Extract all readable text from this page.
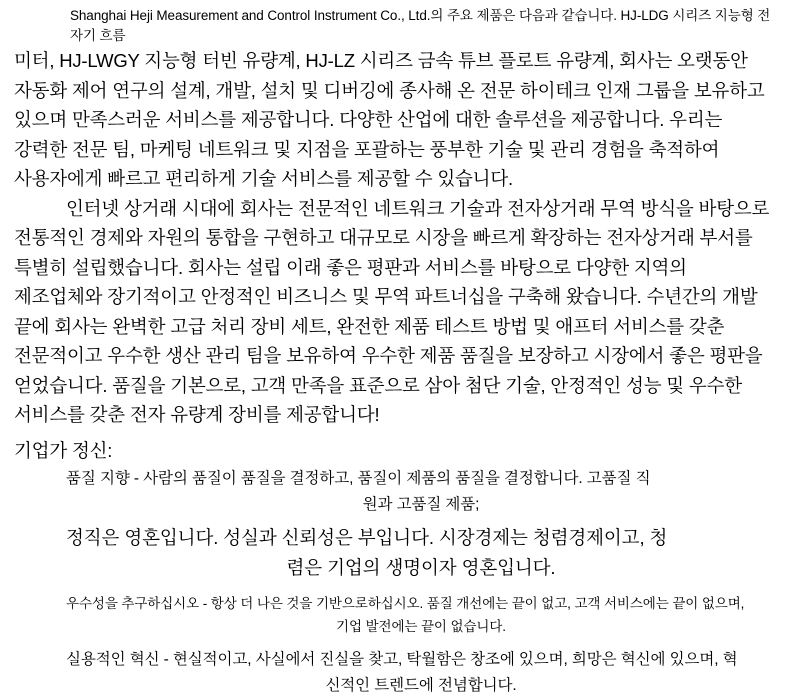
Shanghai Heji Measurement and Control Instrument Co., Ltd.의 주요 제품은 다음과 같습니다. HJ-LDG 시리즈 지능형 전자기 흐름

미터, HJ-LWGY 지능형 터빈 유량계, HJ-LZ 시리즈 금속 튜브 플로트 유량계, 회사는 오랫동안 자동화 제어 연구의 설계, 개발, 설치 및 디버깅에 종사해 온 전문 하이테크 인재 그룹을 보유하고 있으며 만족스러운 서비스를 제공합니다. 다양한 산업에 대한 솔루션을 제공합니다. 우리는 강력한 전문 팀, 마케팅 네트워크 및 지점을 포괄하는 풍부한 기술 및 관리 경험을 축적하여 사용자에게 빠르고 편리하게 기술 서비스를 제공할 수 있습니다.

인터넷 상거래 시대에 회사는 전문적인 네트워크 기술과 전자상거래 무역 방식을 바탕으로 전통적인 경제와 자원의 통합을 구현하고 대규모로 시장을 빠르게 확장하는 전자상거래 부서를 특별히 설립했습니다. 회사는 설립 이래 좋은 평판과 서비스를 바탕으로 다양한 지역의 제조업체와 장기적이고 안정적인 비즈니스 및 무역 파트너십을 구축해 왔습니다. 수년간의 개발 끝에 회사는 완벽한 고급 처리 장비 세트, 완전한 제품 테스트 방법 및 애프터 서비스를 갖춘 전문적이고 우수한 생산 관리 팀을 보유하여 우수한 제품 품질을 보장하고 시장에서 좋은 평판을 얻었습니다. 품질을 기본으로, 고객 만족을 표준으로 삼아 첨단 기술, 안정적인 성능 및 우수한 서비스를 갖춘 전자 유량계 장비를 제공합니다!

기업가 정신:

품질 지향 - 사람의 품질이 품질을 결정하고, 품질이 제품의 품질을 결정합니다. 고품질 직

원과 고품질 제품;

정직은 영혼입니다. 성실과 신뢰성은 부입니다. 시장경제는 청렴경제이고, 청

렴은 기업의 생명이자 영혼입니다.

우수성을 추구하십시오 - 항상 더 나은 것을 기반으로하십시오. 품질 개선에는 끝이 없고, 고객 서비스에는 끝이 없으며,

기업 발전에는 끝이 없습니다.

실용적인 혁신 - 현실적이고, 사실에서 진실을 찾고, 탁월함은 창조에 있으며, 희망은 혁신에 있으며, 혁

신적인 트렌드에 전념합니다.
